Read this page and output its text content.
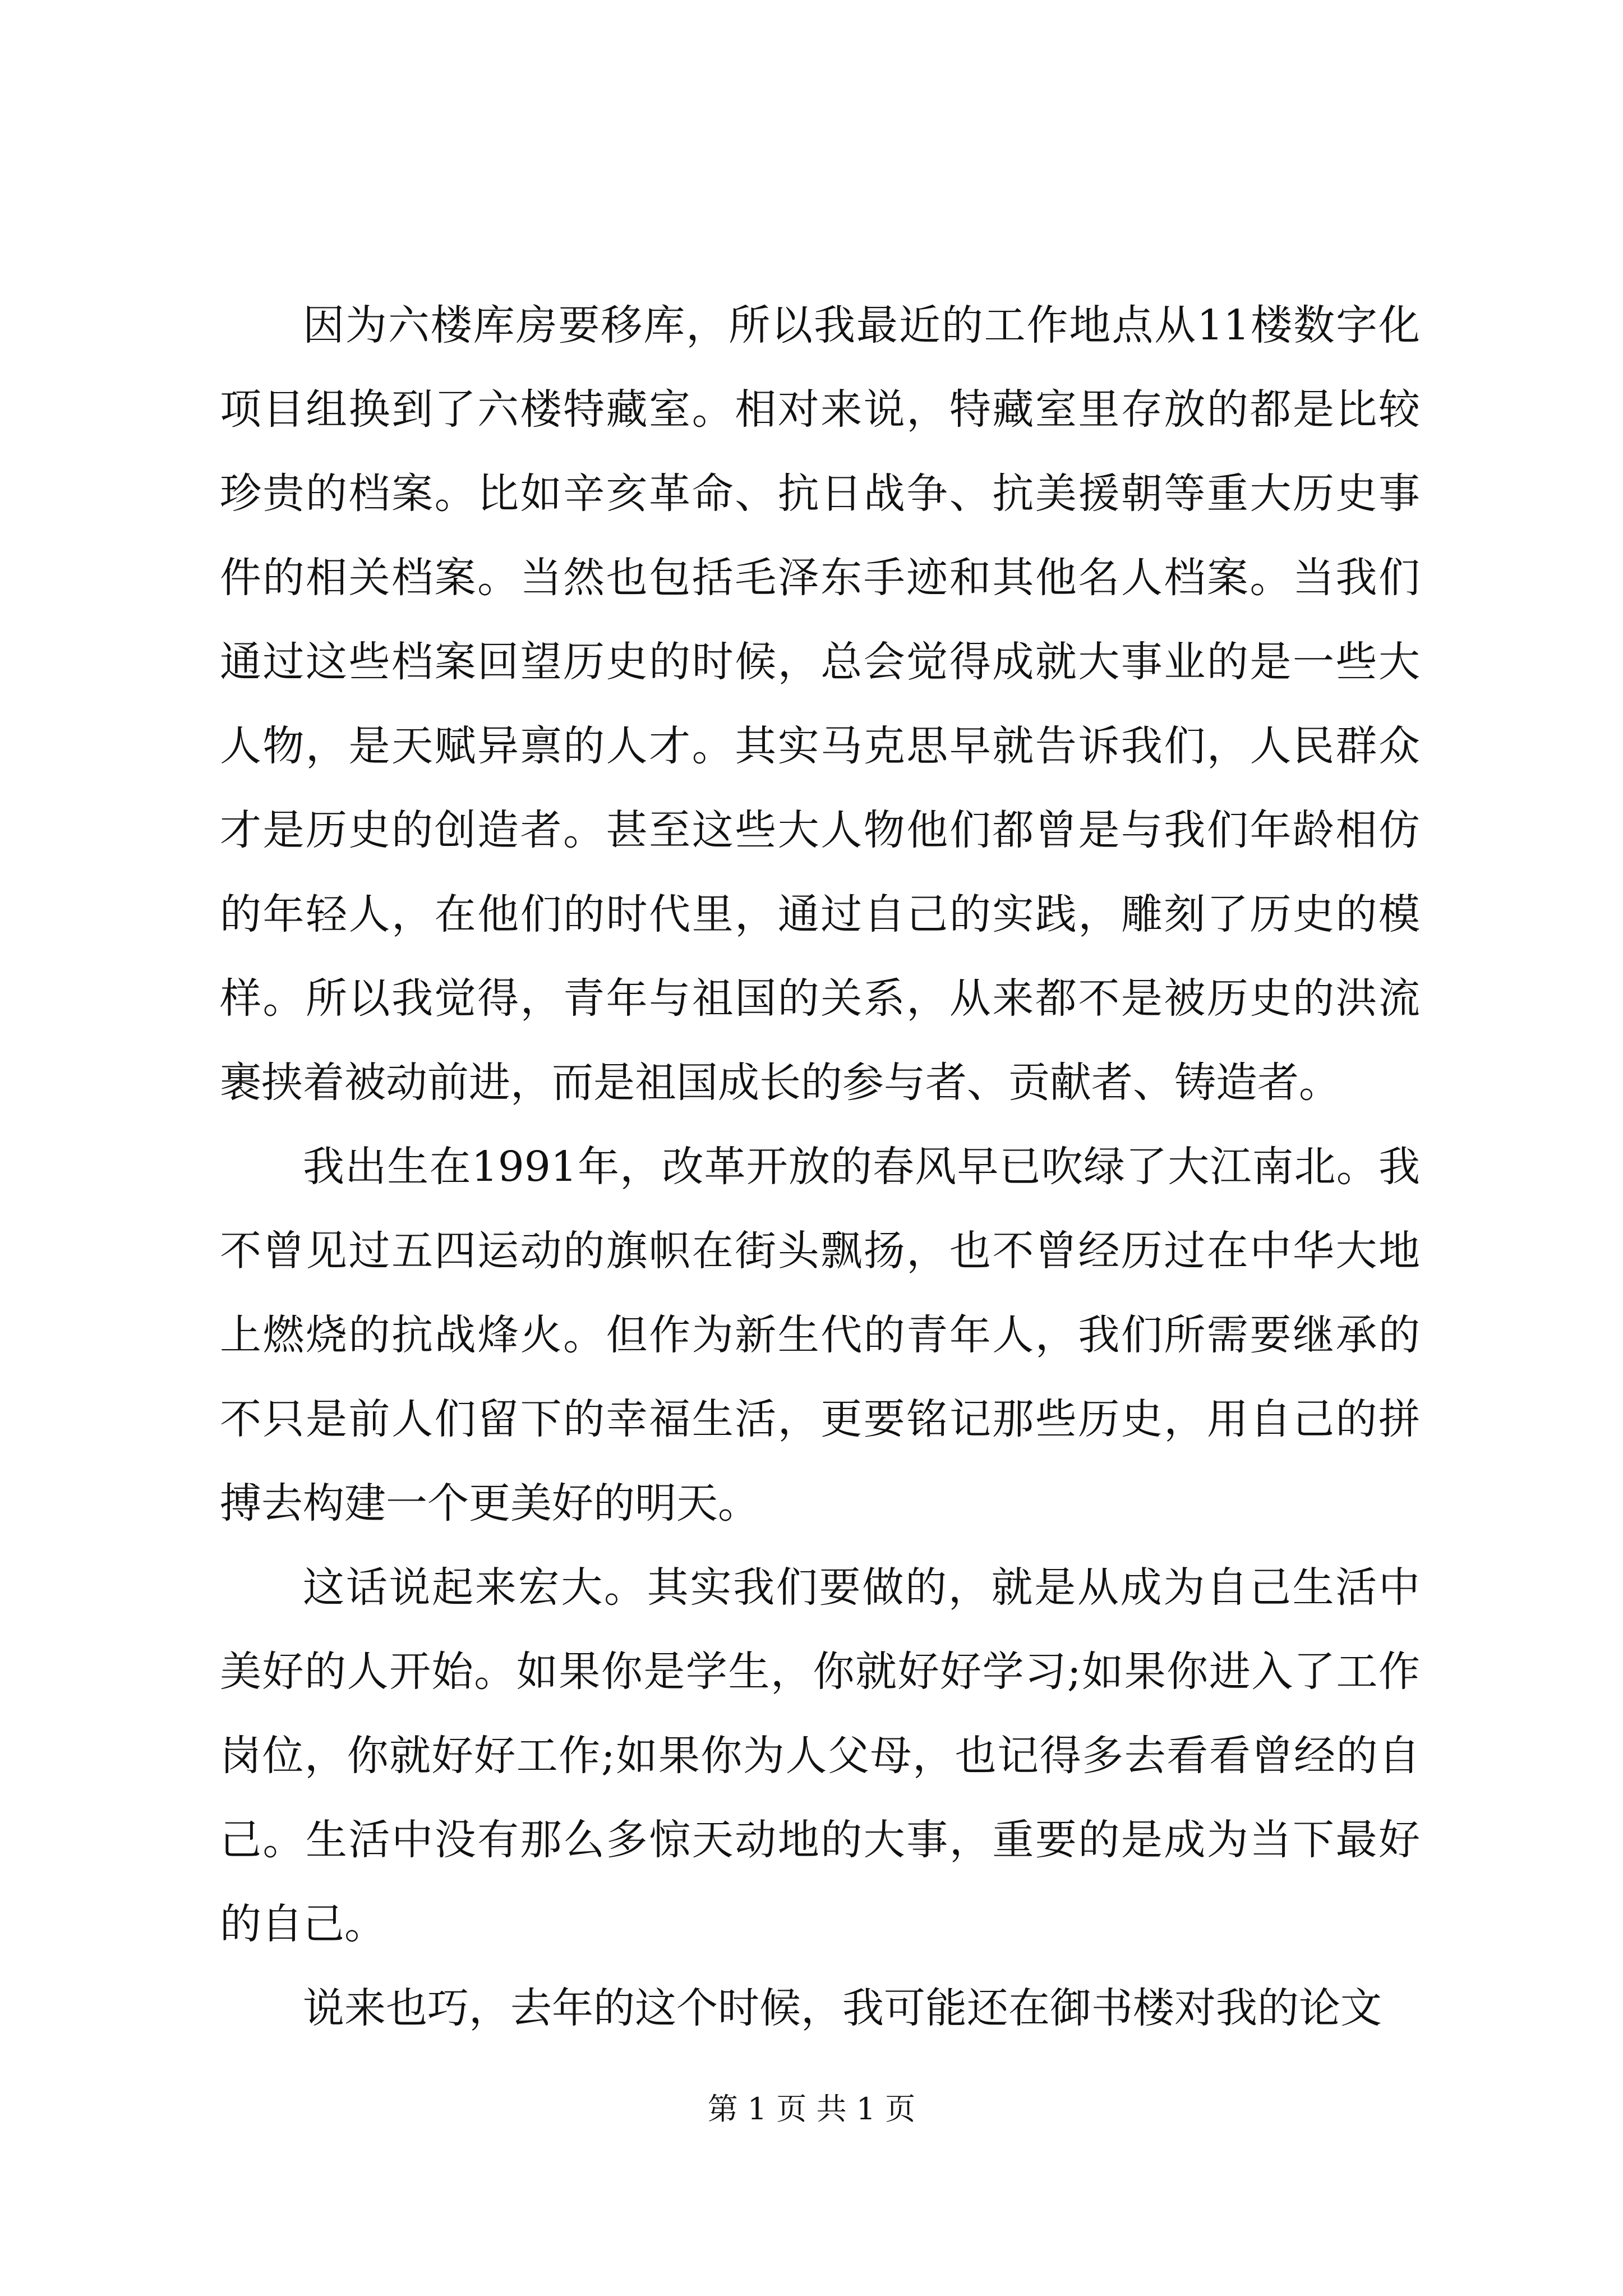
因为六楼库房要移库，所以我最近的工作地点从11楼数字化项目组换到了六楼特藏室。相对来说，特藏室里存放的都是比较珍贵的档案。比如辛亥革命、抗日战争、抗美援朝等重大历史事件的相关档案。当然也包括毛泽东手迹和其他名人档案。当我们通过这些档案回望历史的时候，总会觉得成就大事业的是一些大人物，是天赋异禀的人才。其实马克思早就告诉我们，人民群众才是历史的创造者。甚至这些大人物他们都曾是与我们年龄相仿的年轻人，在他们的时代里，通过自己的实践，雕刻了历史的模样。所以我觉得，青年与祖国的关系，从来都不是被历史的洪流裹挟着被动前进，而是祖国成长的参与者、贡献者、铸造者。

我出生在1991年，改革开放的春风早已吹绿了大江南北。我不曾见过五四运动的旗帜在街头飘扬，也不曾经历过在中华大地上燃烧的抗战烽火。但作为新生代的青年人，我们所需要继承的不只是前人们留下的幸福生活，更要铭记那些历史，用自己的拼搏去构建一个更美好的明天。

这话说起来宏大。其实我们要做的，就是从成为自己生活中美好的人开始。如果你是学生，你就好好学习;如果你进入了工作岗位，你就好好工作;如果你为人父母，也记得多去看看曾经的自己。生活中没有那么多惊天动地的大事，重要的是成为当下最好的自己。

说来也巧，去年的这个时候，我可能还在御书楼对我的论文

第 1 页 共 1 页
